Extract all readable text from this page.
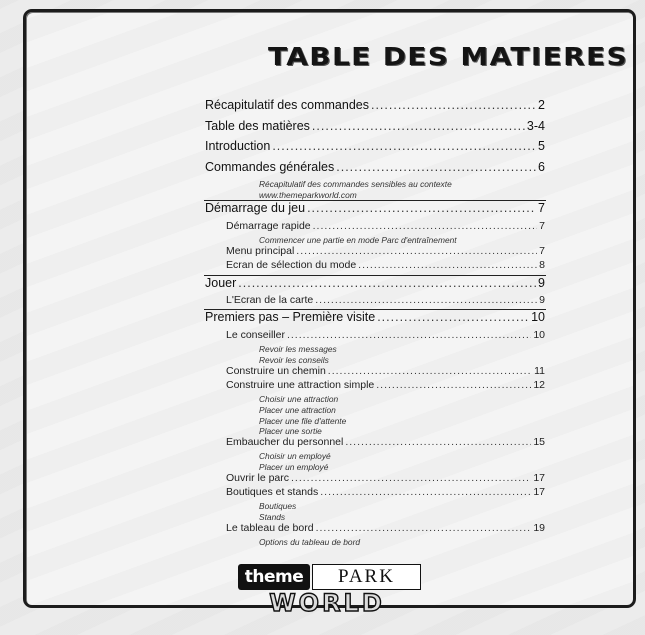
TABLE DES MATIERES
Récapitulatif des commandes .....	2
Table des matières .....	3-4
Introduction .....	5
Commandes générales .....	6
Récapitulatif des commandes sensibles au contexte
www.themeparkworld.com
Démarrage du jeu .....	7
Démarrage rapide .....	7
Commencer une partie en mode Parc d'entraînement
Menu principal .....	7
Ecran de sélection du mode .....	8
Jouer .....	9
L'Ecran de la carte .....	9
Premiers pas – Première visite .....	10
Le conseiller .....	10
Revoir les messages
Revoir les conseils
Construire un chemin .....	11
Construire une attraction simple .....	12
Choisir une attraction
Placer une attraction
Placer une file d'attente
Placer une sortie
Embaucher du personnel .....	15
Choisir un employé
Placer un employé
Ouvrir le parc .....	17
Boutiques et stands .....	17
Boutiques
Stands
Le tableau de bord .....	19
Options du tableau de bord
theme	PARK
WORLD
